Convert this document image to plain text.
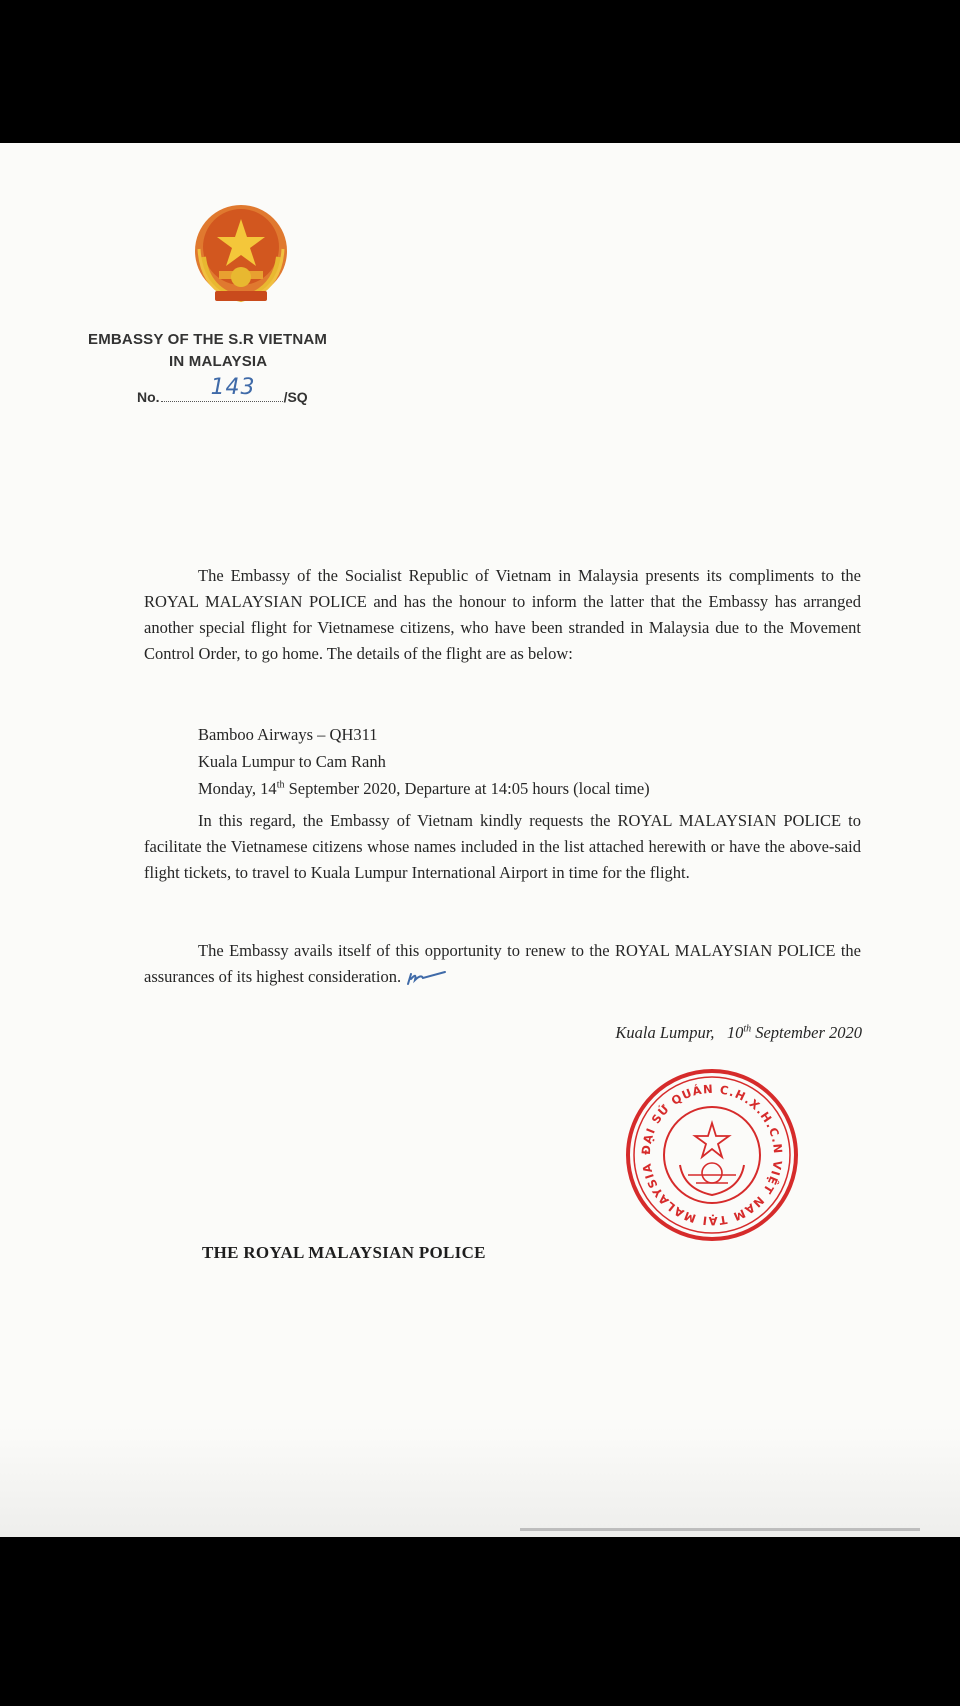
EMBASSY OF THE S.R VIETNAM
IN MALAYSIA
No. 143 /SQ

The Embassy of the Socialist Republic of Vietnam in Malaysia presents its compliments to the ROYAL MALAYSIAN POLICE and has the honour to inform the latter that the Embassy has arranged another special flight for Vietnamese citizens, who have been stranded in Malaysia due to the Movement Control Order, to go home. The details of the flight are as below:

Bamboo Airways – QH311
Kuala Lumpur to Cam Ranh
Monday, 14th September 2020, Departure at 14:05 hours (local time)

In this regard, the Embassy of Vietnam kindly requests the ROYAL MALAYSIAN POLICE to facilitate the Vietnamese citizens whose names included in the list attached herewith or have the above-said flight tickets, to travel to Kuala Lumpur International Airport in time for the flight.

The Embassy avails itself of this opportunity to renew to the ROYAL MALAYSIAN POLICE the assurances of its highest consideration.

Kuala Lumpur, 10th September 2020
ĐẠI SỨ QUÁN C.H.X.H.C.N VIỆT NAM TẠI MALAYSIA
THE ROYAL MALAYSIAN POLICE
